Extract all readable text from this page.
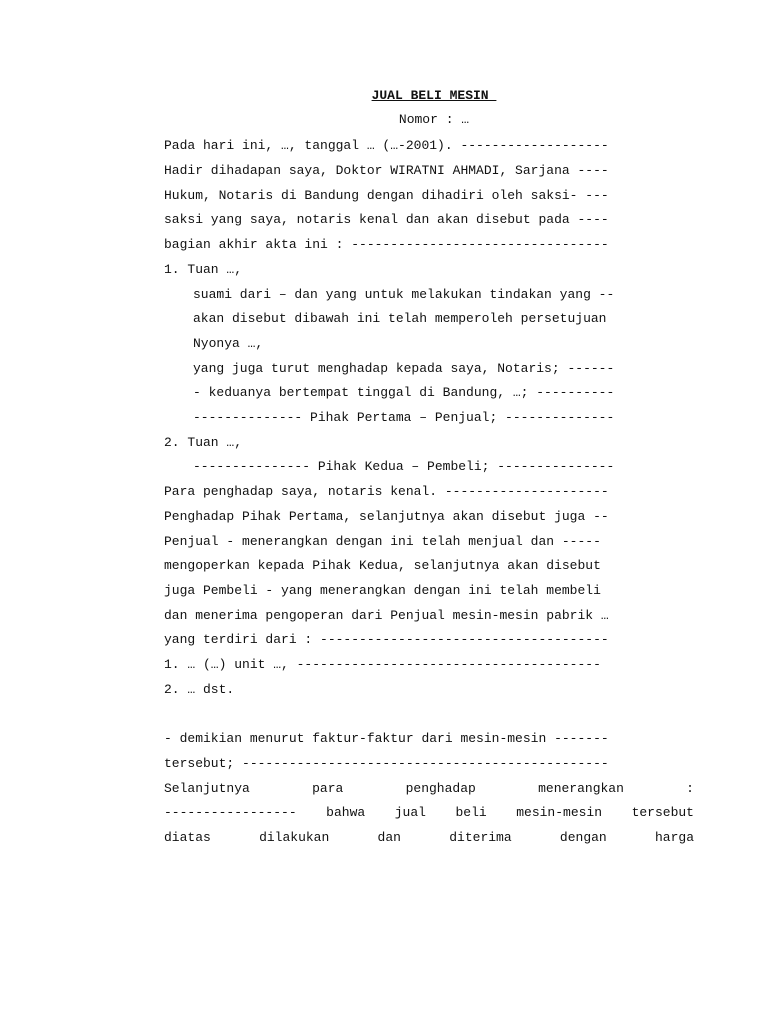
JUAL BELI MESIN
Nomor : …
Pada hari ini, …, tanggal … (…-2001). -------------------
Hadir dihadapan saya, Doktor WIRATNI AHMADI, Sarjana ----
Hukum, Notaris di Bandung dengan dihadiri oleh saksi- ---
saksi yang saya, notaris kenal dan akan disebut pada ----
bagian akhir akta ini : ---------------------------------
1. Tuan …,
suami dari – dan yang untuk melakukan tindakan yang --
akan disebut dibawah ini telah memperoleh persetujuan
Nyonya …,
yang juga turut menghadap kepada saya, Notaris; ------
- keduanya bertempat tinggal di Bandung, …; ----------
-------------- Pihak Pertama – Penjual; --------------
2. Tuan …,
--------------- Pihak Kedua – Pembeli; ---------------
Para penghadap saya, notaris kenal. ---------------------
Penghadap Pihak Pertama, selanjutnya akan disebut juga --
Penjual - menerangkan dengan ini telah menjual dan -----
mengoperkan kepada Pihak Kedua, selanjutnya akan disebut
juga Pembeli - yang menerangkan dengan ini telah membeli
dan menerima pengoperan dari Penjual mesin-mesin pabrik …
yang terdiri dari : -------------------------------------
1. … (…) unit …, ---------------------------------------
2. … dst.
- demikian menurut faktur-faktur dari mesin-mesin -------
tersebut; -----------------------------------------------
Selanjutnya para penghadap menerangkan :
----------------- bahwa jual beli mesin-mesin tersebut
diatas dilakukan dan diterima dengan harga
